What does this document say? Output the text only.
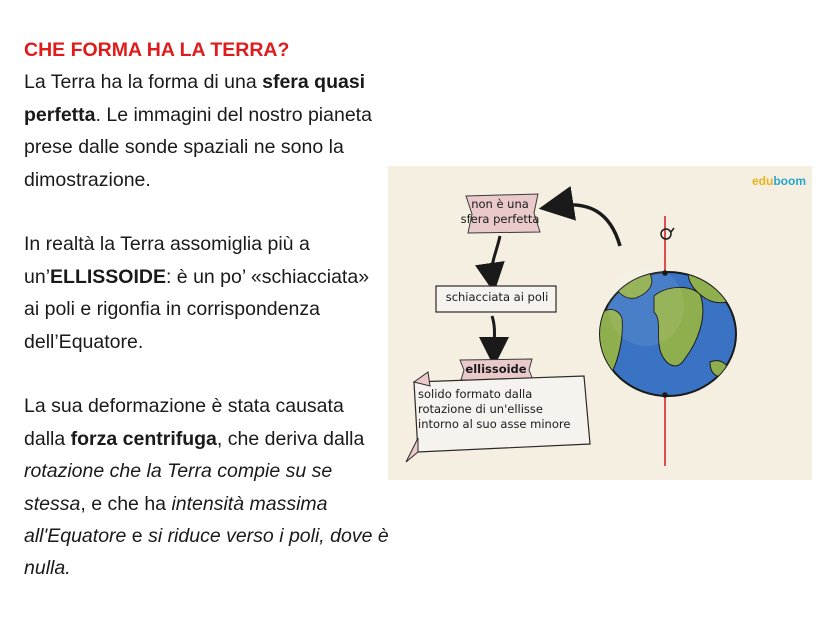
CHE FORMA HA LA TERRA?

La Terra ha la forma di una sfera quasi perfetta. Le immagini del nostro pianeta prese dalle sonde spaziali ne sono la dimostrazione.

In realtà la Terra assomiglia più a un’ELLISSOIDE: è un po’ «schiacciata» ai poli e rigonfia in corrispondenza dell’Equatore.

La sua deformazione è stata causata dalla forza centrifuga, che deriva dalla rotazione che la Terra compie su se stessa, e che ha intensità massima all'Equatore e si riduce verso i poli, dove è nulla.

eduboom
non è una
sfera perfetta
schiacciata ai poli
ellissoide
solido formato dalla
rotazione di un'ellisse
intorno al suo asse minore
